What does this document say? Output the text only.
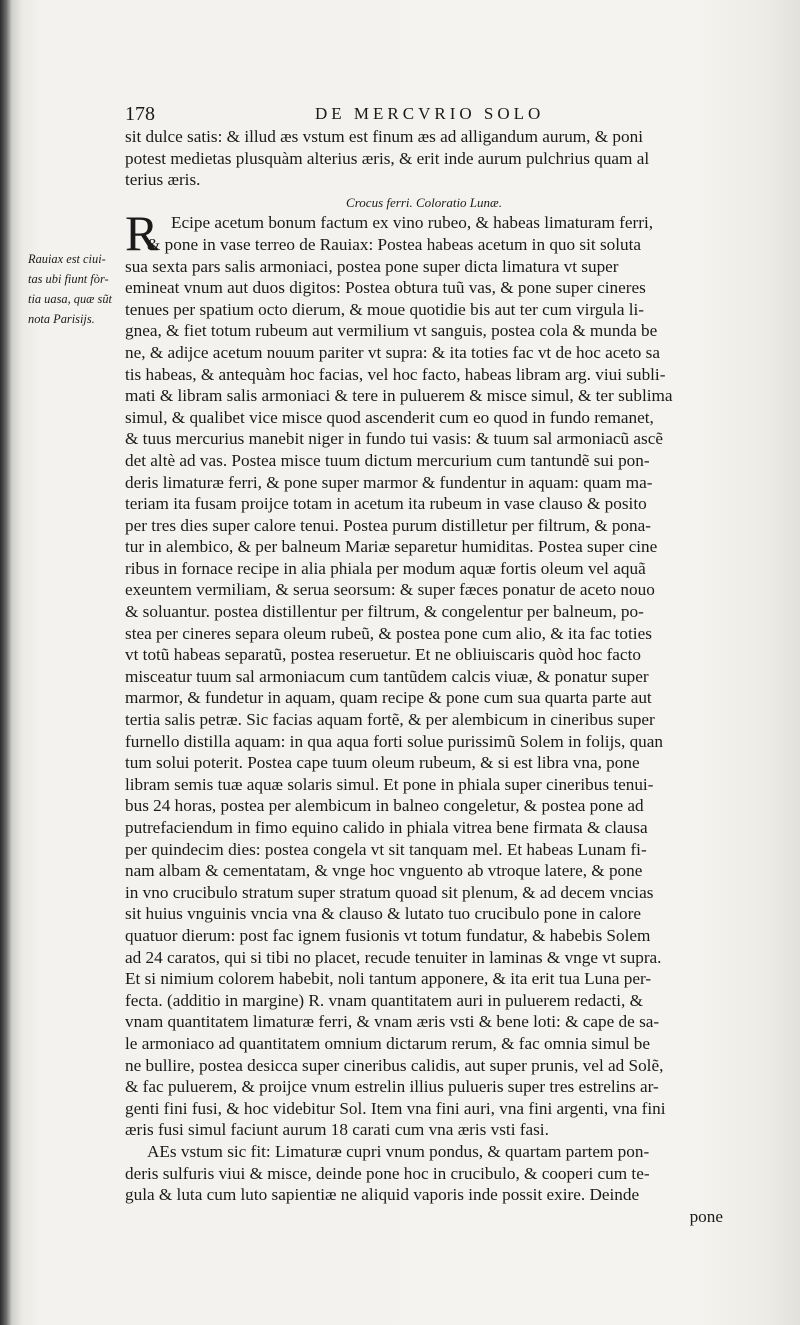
178	DE MERCVRIO SOLO
Rauiax est ciui-
tas ubi fiunt fòr-
tia uasa, quæ sũt
nota Parisijs.
sit dulce satis: & illud æs vstum est finum æs ad alligandum aurum, & poni
potest medietas plusquàm alterius æris, & erit inde aurum pulchrius quam al
terius æris.
Crocus ferri. Coloratio Lunæ.
R Ecipe acetum bonum factum ex vino rubeo, & habeas limaturam ferri,
& pone in vase terreo de Rauiax: Postea habeas acetum in quo sit soluta
sua sexta pars salis armoniaci, postea pone super dicta limatura vt super
emineat vnum aut duos digitos: Postea obtura tuũ vas, & pone super cineres
tenues per spatium octo dierum, & moue quotidie bis aut ter cum virgula li-
gnea, & fiet totum rubeum aut vermilium vt sanguis, postea cola & munda be
ne, & adijce acetum nouum pariter vt supra: & ita toties fac vt de hoc aceto sa
tis habeas, & antequàm hoc facias, vel hoc facto, habeas libram arg. viui subli-
mati & libram salis armoniaci & tere in puluerem & misce simul, & ter sublima
simul, & qualibet vice misce quod ascenderit cum eo quod in fundo remanet,
& tuus mercurius manebit niger in fundo tui vasis: & tuum sal armoniacũ ascẽ
det altè ad vas. Postea misce tuum dictum mercurium cum tantundẽ sui pon-
deris limaturæ ferri, & pone super marmor & fundentur in aquam: quam ma-
teriam ita fusam proijce totam in acetum ita rubeum in vase clauso & posito
per tres dies super calore tenui. Postea purum distilletur per filtrum, & pona-
tur in alembico, & per balneum Mariæ separetur humiditas. Postea super cine
ribus in fornace recipe in alia phiala per modum aquæ fortis oleum vel aquã
exeuntem vermiliam, & serua seorsum: & super fæces ponatur de aceto nouo
& soluantur. postea distillentur per filtrum, & congelentur per balneum, po-
stea per cineres separa oleum rubeũ, & postea pone cum alio, & ita fac toties
vt totũ habeas separatũ, postea reseruetur. Et ne obliuiscaris quòd hoc facto
misceatur tuum sal armoniacum cum tantũdem calcis viuæ, & ponatur super
marmor, & fundetur in aquam, quam recipe & pone cum sua quarta parte aut
tertia salis petræ. Sic facias aquam fortẽ, & per alembicum in cineribus super
furnello distilla aquam: in qua aqua forti solue purissimũ Solem in folijs, quan
tum solui poterit. Postea cape tuum oleum rubeum, & si est libra vna, pone
libram semis tuæ aquæ solaris simul. Et pone in phiala super cineribus tenui-
bus 24 horas, postea per alembicum in balneo congeletur, & postea pone ad
putrefaciendum in fimo equino calido in phiala vitrea bene firmata & clausa
per quindecim dies: postea congela vt sit tanquam mel. Et habeas Lunam fi-
nam albam & cementatam, & vnge hoc vnguento ab vtroque latere, & pone
in vno crucibulo stratum super stratum quoad sit plenum, & ad decem vncias
sit huius vnguinis vncia vna & clauso & lutato tuo crucibulo pone in calore
quatuor dierum: post fac ignem fusionis vt totum fundatur, & habebis Solem
ad 24 caratos, qui si tibi no placet, recude tenuiter in laminas & vnge vt supra.
Et si nimium colorem habebit, noli tantum apponere, & ita erit tua Luna per-
fecta. (additio in margine) R. vnam quantitatem auri in puluerem redacti, &
vnam quantitatem limaturæ ferri, & vnam æris vsti & bene loti: & cape de sa-
le armoniaco ad quantitatem omnium dictarum rerum, & fac omnia simul be
ne bullire, postea desicca super cineribus calidis, aut super prunis, vel ad Solẽ,
& fac puluerem, & proijce vnum estrelin illius pulueris super tres estrelins ar-
genti fini fusi, & hoc videbitur Sol. Item vna fini auri, vna fini argenti, vna fini
æris fusi simul faciunt aurum 18 carati cum vna æris vsti fasi.
AEs vstum sic fit: Limaturæ cupri vnum pondus, & quartam partem pon-
deris sulfuris viui & misce, deinde pone hoc in crucibulo, & cooperi cum te-
gula & luta cum luto sapientiæ ne aliquid vaporis inde possit exire. Deinde
pone
